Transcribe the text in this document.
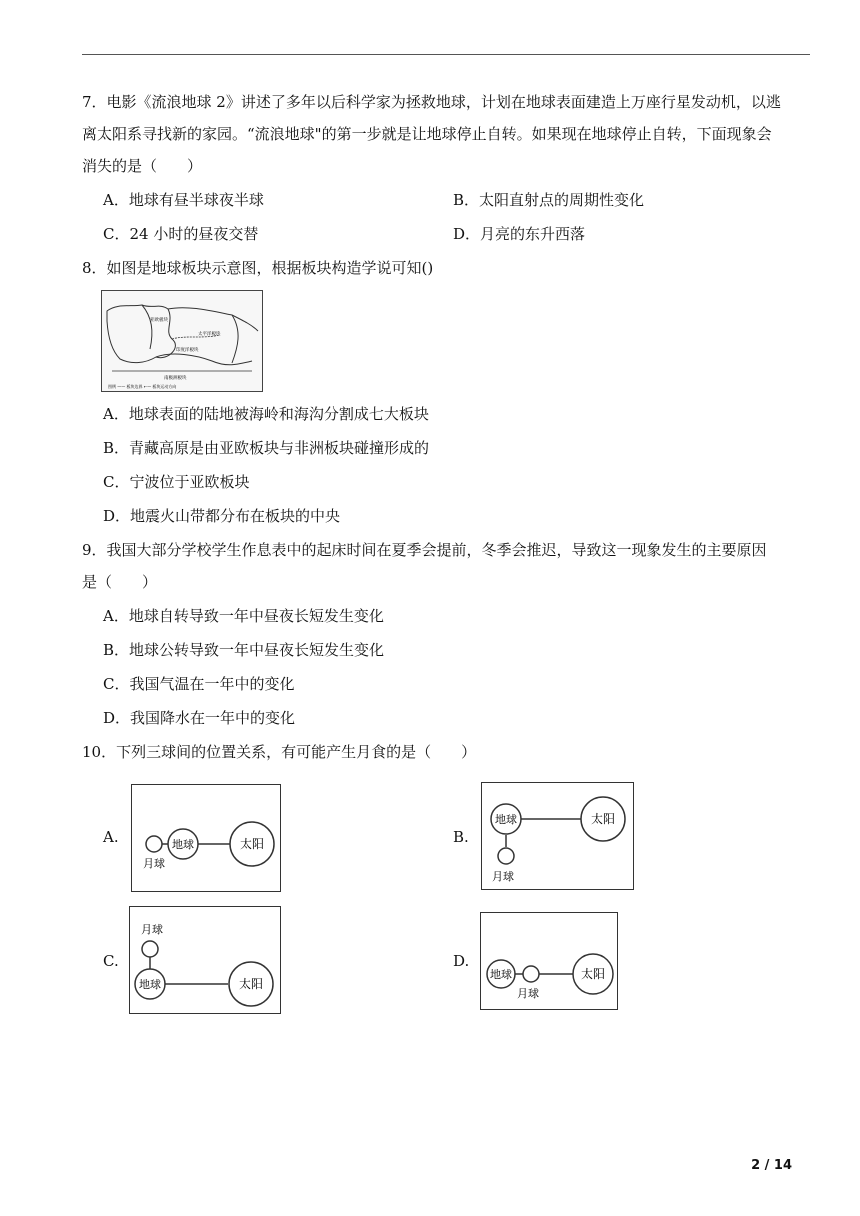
7．电影《流浪地球 2》讲述了多年以后科学家为拯救地球，计划在地球表面建造上万座行星发动机，以逃
离太阳系寻找新的家园。“流浪地球"的第一步就是让地球停止自转。如果现在地球停止自转，下面现象会
消失的是（　　）
A．地球有昼半球夜半球	B．太阳直射点的周期性变化
C．24 小时的昼夜交替	D．月亮的东升西落
8．如图是地球板块示意图，根据板块构造学说可知()
亚欧板块
太平洋板块
印度洋板块
南极洲板块
图例 —— 板块边界 ←— 板块运动方向
A．地球表面的陆地被海岭和海沟分割成七大板块
B．青藏高原是由亚欧板块与非洲板块碰撞形成的
C．宁波位于亚欧板块
D．地震火山带都分布在板块的中央
9．我国大部分学校学生作息表中的起床时间在夏季会提前，冬季会推迟，导致这一现象发生的主要原因
是（　　）
A．地球自转导致一年中昼夜长短发生变化
B．地球公转导致一年中昼夜长短发生变化
C．我国气温在一年中的变化
D．我国降水在一年中的变化
10．下列三球间的位置关系，有可能产生月食的是（　　）
A.	地球	太阳
月球
B.
地球	太阳
月球
C.
月球
地球	太阳
D.
地球	太阳
月球
2 / 14
